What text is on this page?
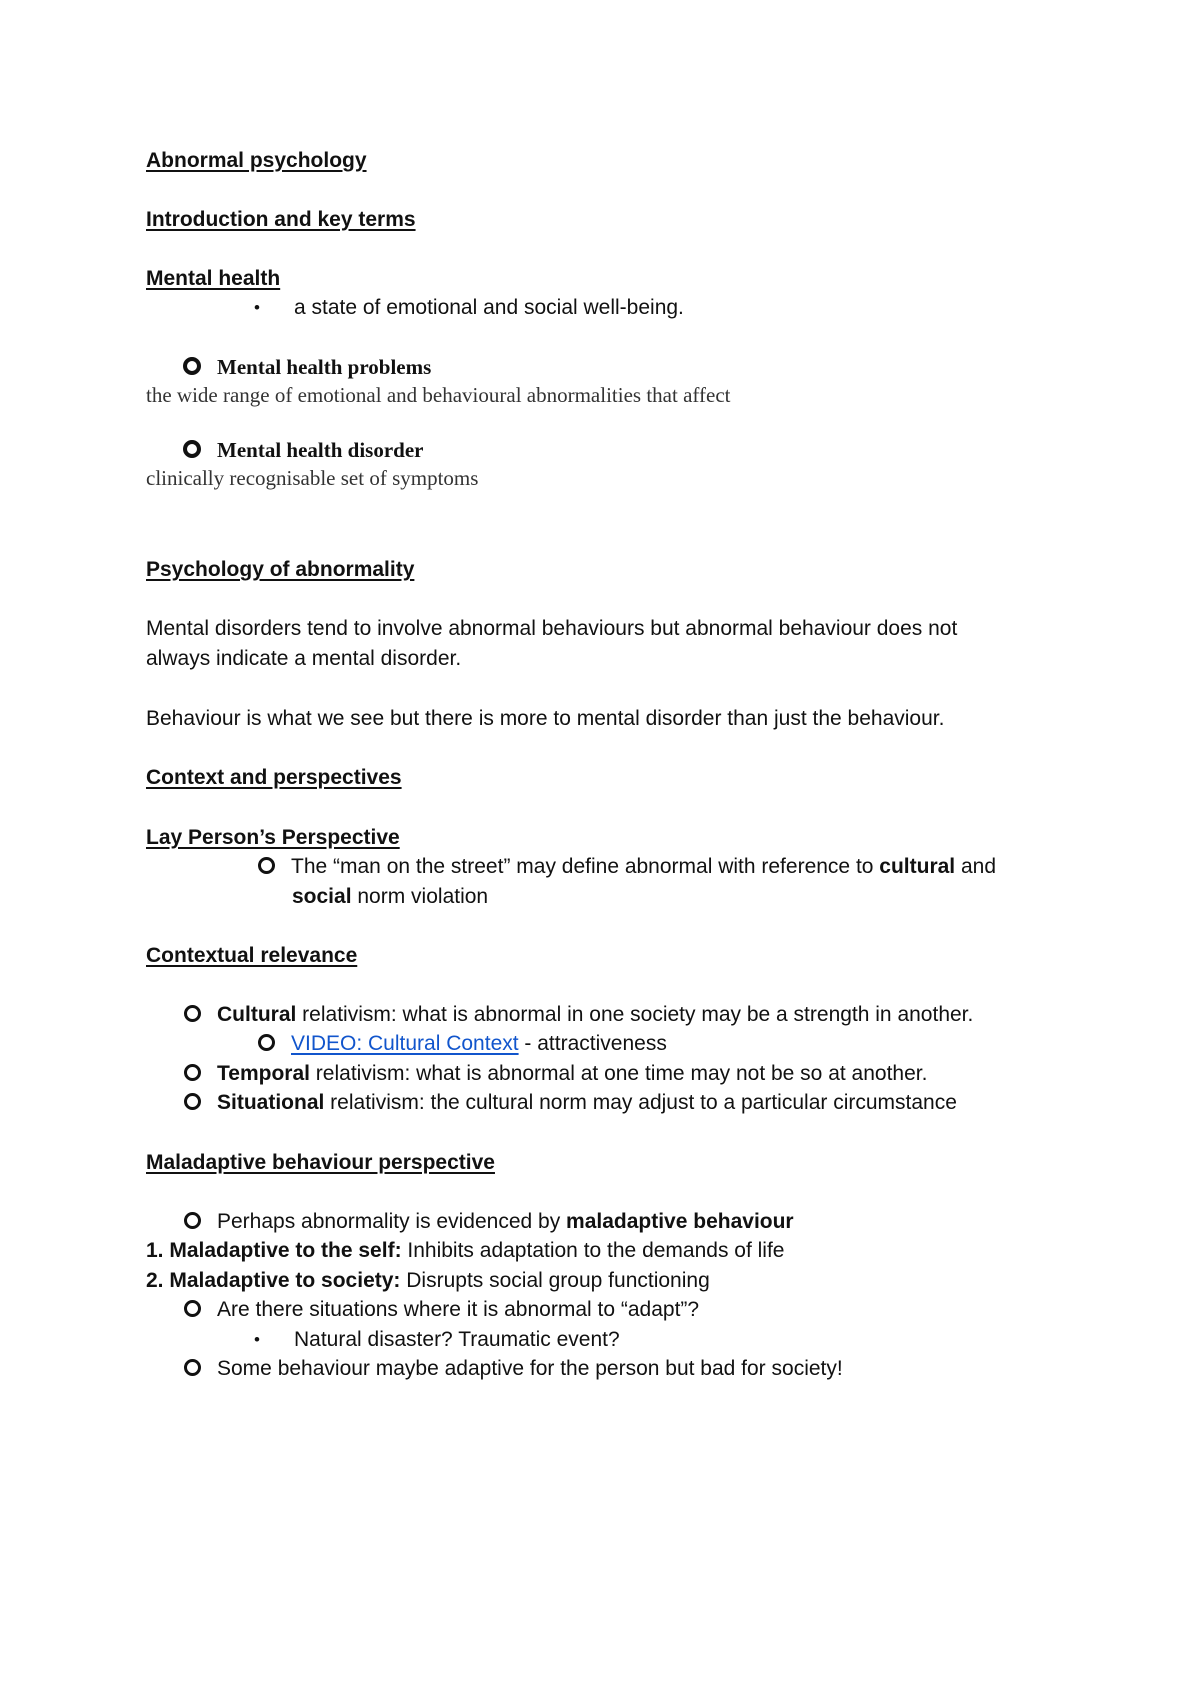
Abnormal psychology
Introduction and key terms
Mental health
• a state of emotional and social well-being.
Mental health problems
the wide range of emotional and behavioural abnormalities that affect
Mental health disorder
clinically recognisable set of symptoms
Psychology of abnormality
Mental disorders tend to involve abnormal behaviours but abnormal behaviour does not
always indicate a mental disorder.
Behaviour is what we see but there is more to mental disorder than just the behaviour.
Context and perspectives
Lay Person’s Perspective
The “man on the street” may define abnormal with reference to cultural and
social norm violation
Contextual relevance
Cultural relativism: what is abnormal in one society may be a strength in another.
VIDEO: Cultural Context - attractiveness
Temporal relativism: what is abnormal at one time may not be so at another.
Situational relativism: the cultural norm may adjust to a particular circumstance
Maladaptive behaviour perspective
Perhaps abnormality is evidenced by maladaptive behaviour
1. Maladaptive to the self: Inhibits adaptation to the demands of life
2. Maladaptive to society: Disrupts social group functioning
Are there situations where it is abnormal to “adapt”?
• Natural disaster? Traumatic event?
Some behaviour maybe adaptive for the person but bad for society!
